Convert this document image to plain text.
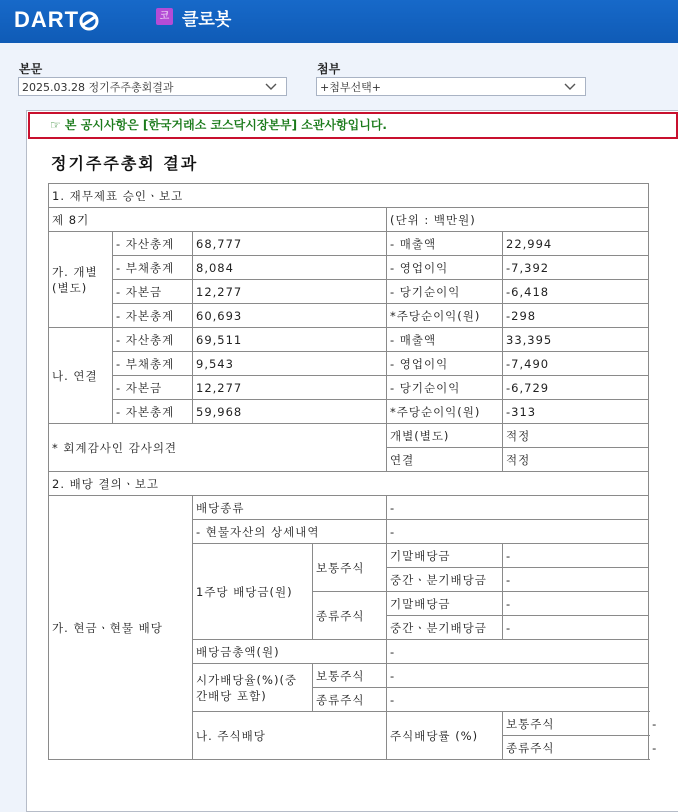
DART	코 클로봇
본문
2025.03.28 정기주주총회결과
첨부
+첨부선택+
☞ 본 공시사항은 [한국거래소 코스닥시장본부] 소관사항입니다.
정기주주총회 결과
1. 재무제표 승인ㆍ보고						
제 8기				(단위 : 백만원)		
가. 개별(별도)	- 자산총계	68,777		- 매출액	22,994	
	- 부채총계	8,084		- 영업이익	-7,392	
	- 자본금	12,277		- 당기순이익	-6,418	
	- 자본총계	60,693		*주당순이익(원)	-298	
나. 연결	- 자산총계	69,511		- 매출액	33,395	
	- 부채총계	9,543		- 영업이익	-7,490	
	- 자본금	12,277		- 당기순이익	-6,729	
	- 자본총계	59,968		*주당순이익(원)	-313	
* 회계감사인 감사의견				개별(별도)	적정	
				연결	적정	
2. 배당 결의ㆍ보고						
가. 현금ㆍ현물 배당		배당종류		-		
		- 현물자산의 상세내역		-		
		1주당 배당금(원)	보통주식	기말배당금	-	
				중간ㆍ분기배당금	-	
			종류주식	기말배당금	-	
				중간ㆍ분기배당금	-	
		배당금총액(원)		-		
		시가배당율(%)(중간배당 포함)	보통주식	-		
			종류주식	-		
		나. 주식배당		주식배당률 (%)	보통주식	-
					종류주식	-
